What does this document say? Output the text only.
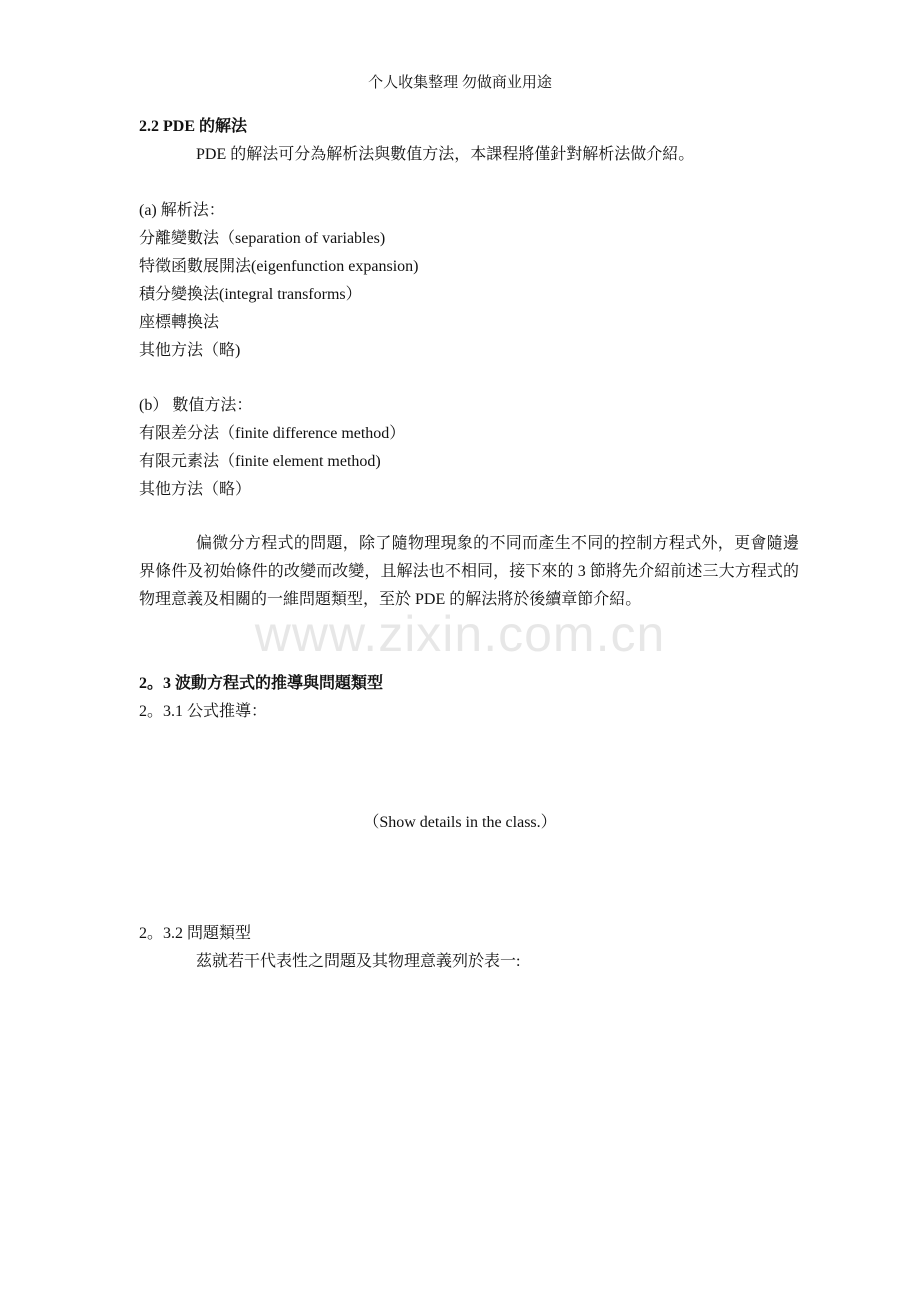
个人收集整理 勿做商业用途
2.2 PDE 的解法
PDE 的解法可分為解析法與數值方法，本課程將僅針對解析法做介紹。
(a) 解析法：
分離變數法（separation of variables)
特徵函數展開法(eigenfunction expansion)
積分變換法(integral transforms）
座標轉換法
其他方法（略)
(b） 數值方法：
有限差分法（finite difference method）
有限元素法（finite element method)
其他方法（略）
偏微分方程式的問題，除了隨物理現象的不同而產生不同的控制方程式外，更會隨邊界條件及初始條件的改變而改變，且解法也不相同，接下來的 3 節將先介紹前述三大方程式的物理意義及相關的一維問題類型，至於 PDE 的解法將於後續章節介紹。
www.zixin.com.cn
2。3 波動方程式的推導與問題類型
2。3.1 公式推導：
（Show details in the class.）
2。3.2 問題類型
茲就若干代表性之問題及其物理意義列於表一:
